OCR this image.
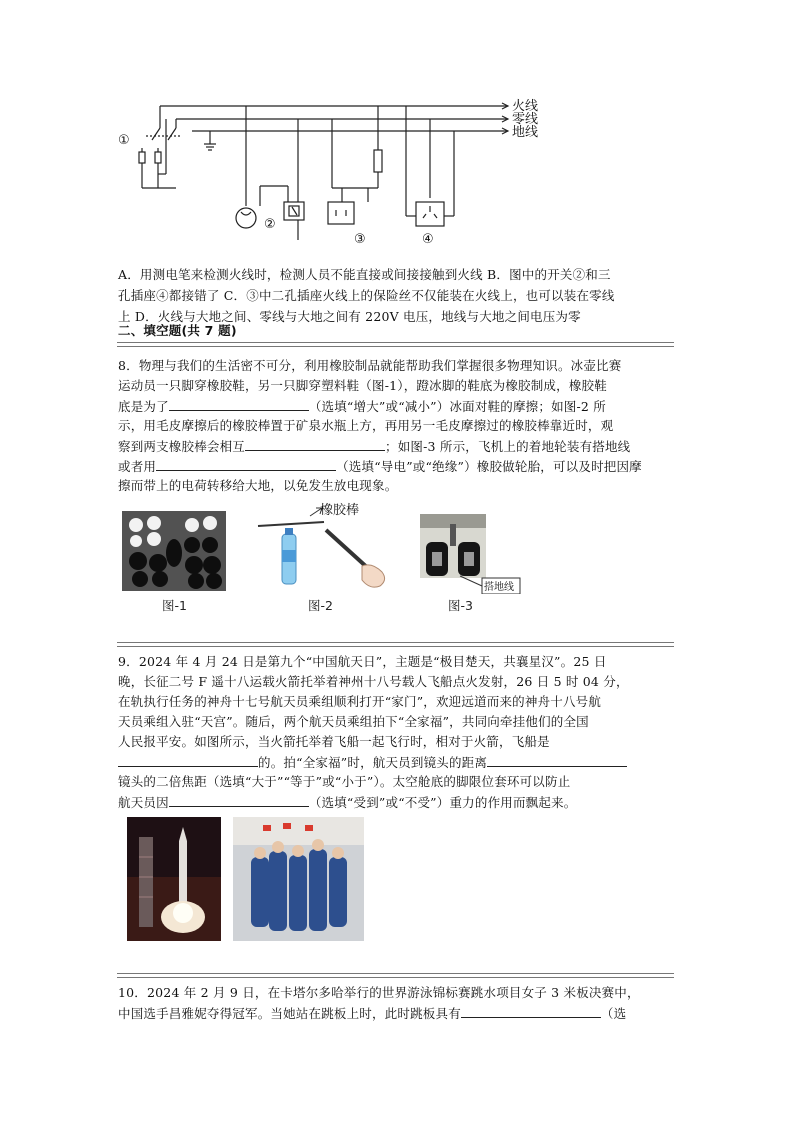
火线
零线
地线
①
②
③	④
A．用测电笔来检测火线时，检测人员不能直接或间接接触到火线 B．图中的开关②和三
孔插座④都接错了 C．③中二孔插座火线上的保险丝不仅能装在火线上，也可以装在零线
上 D．火线与大地之间、零线与大地之间有 220V 电压，地线与大地之间电压为零
二、填空题(共 7 题)
8．物理与我们的生活密不可分，利用橡胶制品就能帮助我们掌握很多物理知识。冰壶比赛
运动员一只脚穿橡胶鞋，另一只脚穿塑料鞋（图-1），蹬冰脚的鞋底为橡胶制成，橡胶鞋
底是为了	（选填“增大”或“减小”）冰面对鞋的摩擦；如图-2 所
示，用毛皮摩擦后的橡胶棒置于矿泉水瓶上方，再用另一毛皮摩擦过的橡胶棒靠近时，观
察到两支橡胶棒会相互	；如图-3 所示，飞机上的着地轮装有搭地线
或者用	（选填“导电”或“绝缘”）橡胶做轮胎，可以及时把因摩
擦而带上的电荷转移给大地，以免发生放电现象。
图-1
橡胶棒
图-2
搭地线
图-3
9．2024 年 4 月 24 日是第九个“中国航天日”，主题是“极目楚天，共襄星汉”。25 日
晚，长征二号 F 遥十八运载火箭托举着神州十八号载人飞船点火发射，26 日 5 时 04 分，
在轨执行任务的神舟十七号航天员乘组顺利打开“家门”，欢迎远道而来的神舟十八号航
天员乘组入驻“天宫”。随后，两个航天员乘组拍下“全家福”，共同向牵挂他们的全国
人民报平安。如图所示，当火箭托举着飞船一起飞行时，相对于火箭，飞船是
的。拍“全家福”时，航天员到镜头的距离
镜头的二倍焦距（选填“大于”“等于”或“小于”）。太空舱底的脚限位套环可以防止
航天员因	（选填“受到”或“不受”）重力的作用而飘起来。
10．2024 年 2 月 9 日，在卡塔尔多哈举行的世界游泳锦标赛跳水项目女子 3 米板决赛中，
中国选手昌雅妮夺得冠军。当她站在跳板上时，此时跳板具有	（选
